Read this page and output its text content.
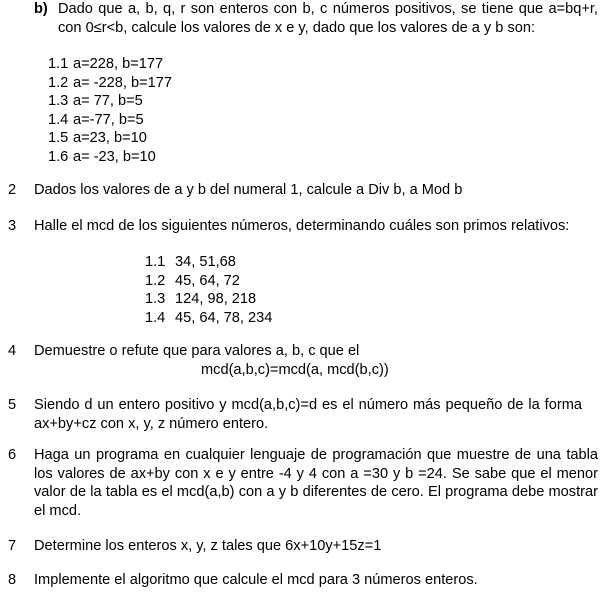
b) Dado que a, b, q, r son enteros con b, c números positivos, se tiene que a=bq+r, con 0≤r<b, calcule los valores de x e y, dado que los valores de a y b son:
1.1 a=228, b=177
1.2 a= -228, b=177
1.3 a= 77, b=5
1.4 a=-77, b=5
1.5 a=23, b=10
1.6 a= -23, b=10
2 Dados los valores de a y b del numeral 1, calcule a Div b, a Mod b
3 Halle el mcd de los siguientes números, determinando cuáles son primos relativos:
1.1 34, 51,68
1.2 45, 64, 72
1.3 124, 98, 218
1.4 45, 64, 78, 234
4 Demuestre o refute que para valores a, b, c que el
mcd(a,b,c)=mcd(a, mcd(b,c))
5 Siendo d un entero positivo y mcd(a,b,c)=d es el número más pequeño de la forma ax+by+cz con x, y, z número entero.
6 Haga un programa en cualquier lenguaje de programación que muestre de una tabla los valores de ax+by con x e y entre -4 y 4 con a =30 y b =24. Se sabe que el menor valor de la tabla es el mcd(a,b) con a y b diferentes de cero. El programa debe mostrar el mcd.
7 Determine los enteros x, y, z tales que 6x+10y+15z=1
8 Implemente el algoritmo que calcule el mcd para 3 números enteros.
